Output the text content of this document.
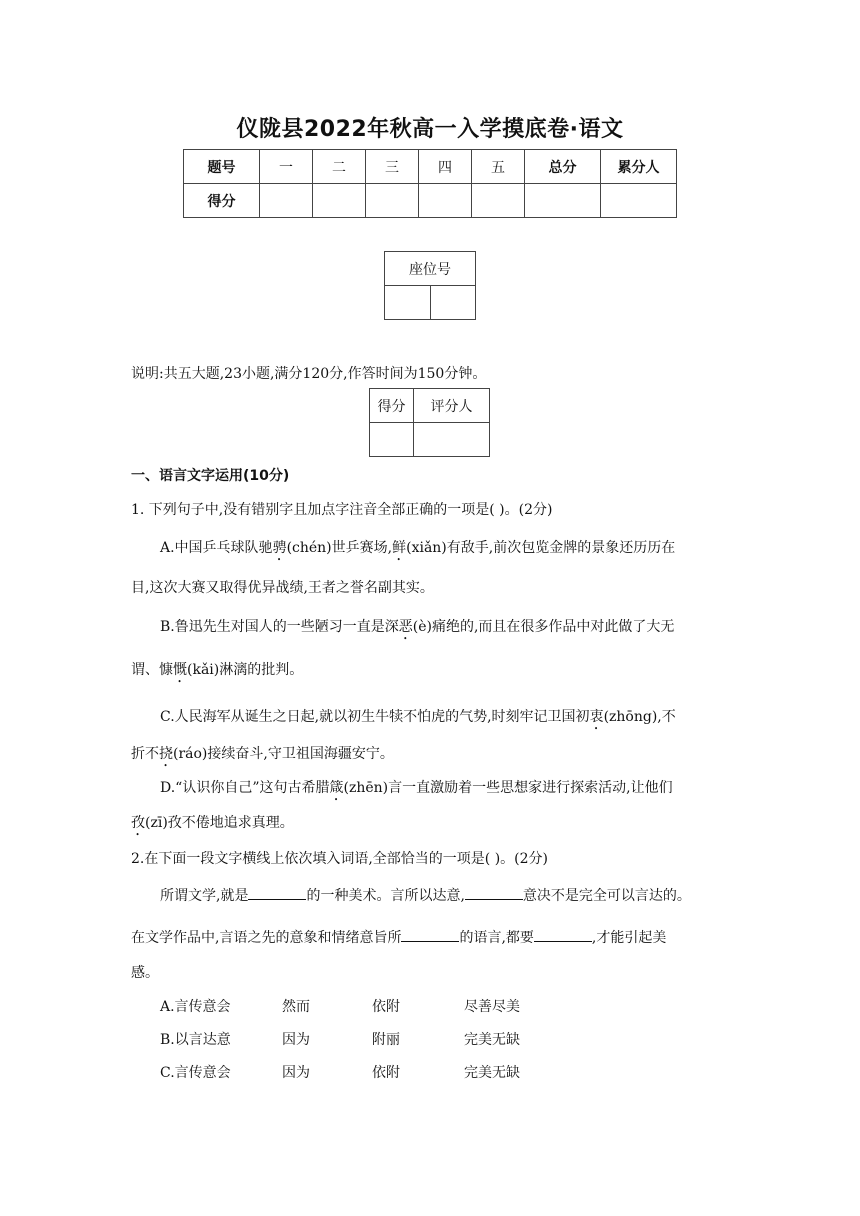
仪陇县2022年秋高一入学摸底卷·语文
题号	一	二	三	四	五	总分	累分人
得分							
座位号

说明:共五大题,23小题,满分120分,作答时间为150分钟。
得分	评分人

一、语言文字运用(10分)
1. 下列句子中,没有错别字且加点字注音全部正确的一项是( )。(2分)
A.中国乒乓球队驰骋(chén)世乒赛场,鲜(xiǎn)有敌手,前次包览金牌的景象还历历在
目,这次大赛又取得优异战绩,王者之誉名副其实。
B.鲁迅先生对国人的一些陋习一直是深恶(è)痛绝的,而且在很多作品中对此做了大无
谓、慷慨(kǎi)淋漓的批判。
C.人民海军从诞生之日起,就以初生牛犊不怕虎的气势,时刻牢记卫国初衷(zhōng),不
折不挠(ráo)接续奋斗,守卫祖国海疆安宁。
D.“认识你自己”这句古希腊箴(zhēn)言一直激励着一些思想家进行探索活动,让他们
孜(zī)孜不倦地追求真理。
2.在下面一段文字横线上依次填入词语,全部恰当的一项是( )。(2分)
所谓文学,就是	的一种美术。言所以达意,	意决不是完全可以言达的。
在文学作品中,言语之先的意象和情绪意旨所	的语言,都要	,才能引起美
感。
A.言传意会	然而	依附	尽善尽美
B.以言达意	因为	附丽	完美无缺
C.言传意会	因为	依附	完美无缺
